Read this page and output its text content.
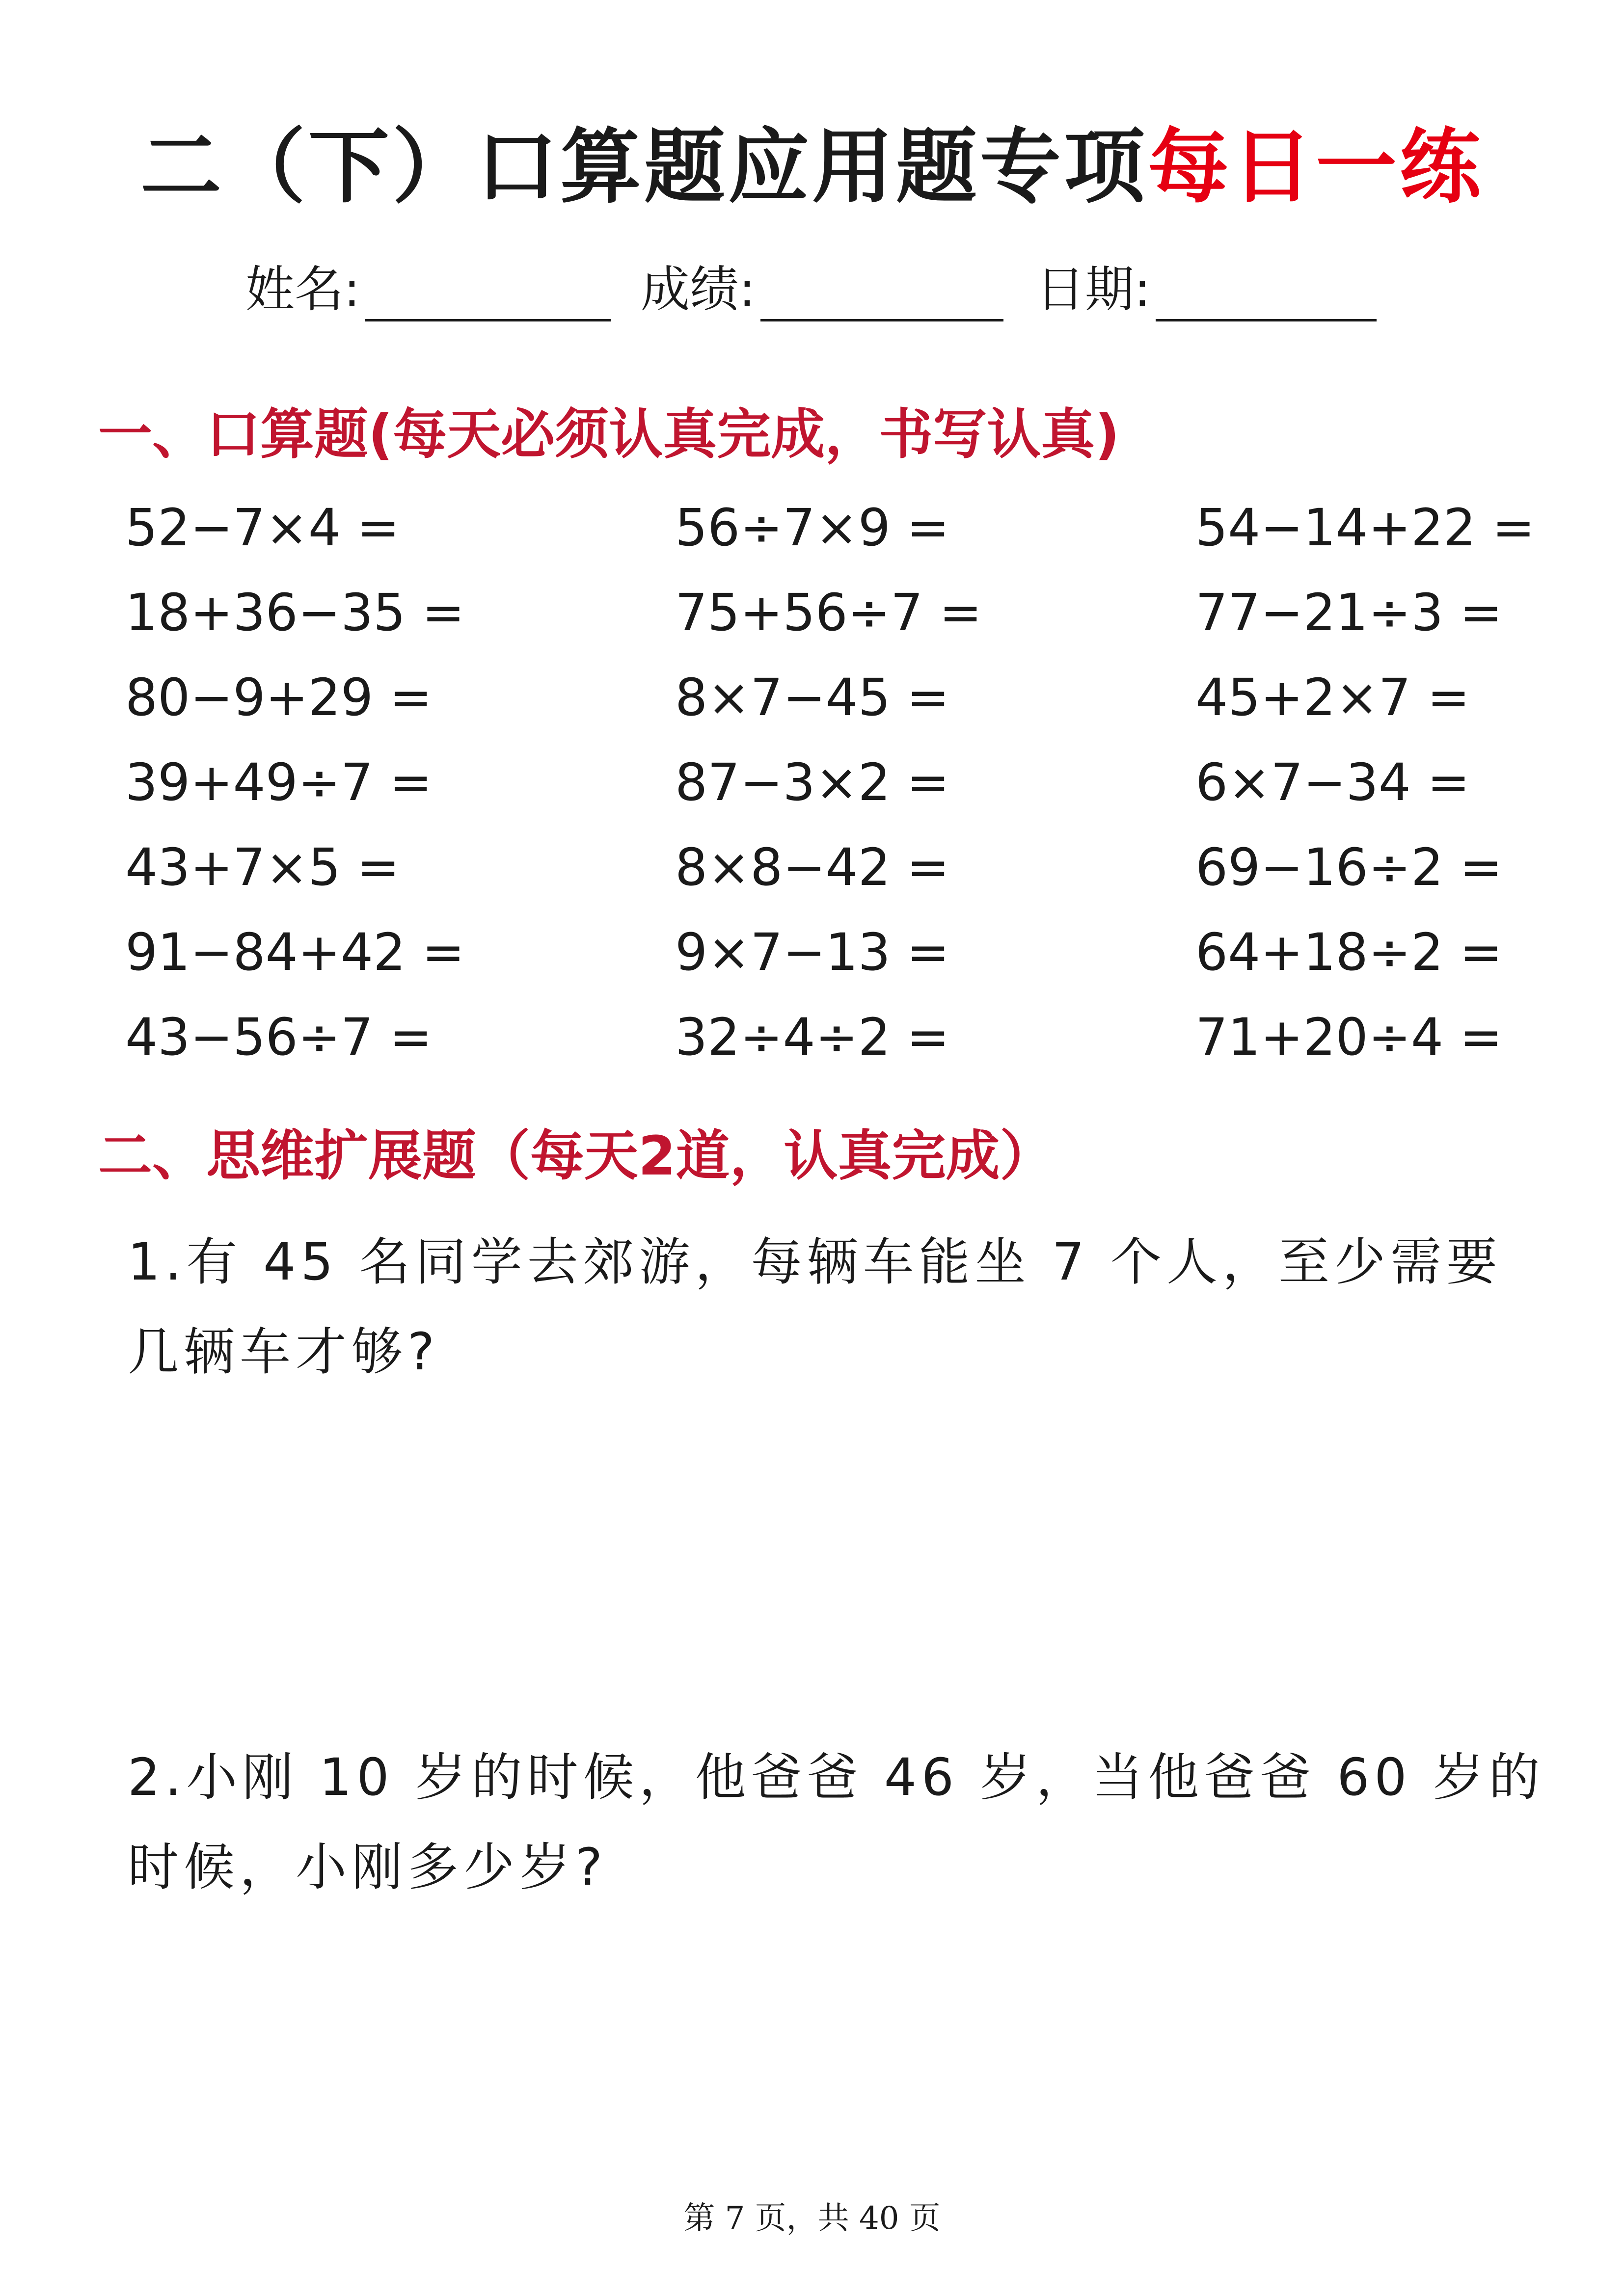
二（下）口算题应用题专项每日一练
姓名:	成绩:	日期:
一、口算题(每天必须认真完成，书写认真)
52−7×4 =	56÷7×9 =	54−14+22 =
18+36−35 =	75+56÷7 =	77−21÷3 =
80−9+29 =	8×7−45 =	45+2×7 =
39+49÷7 =	87−3×2 =	6×7−34 =
43+7×5 =	8×8−42 =	69−16÷2 =
91−84+42 =	9×7−13 =	64+18÷2 =
43−56÷7 =	32÷4÷2 =	71+20÷4 =
二、思维扩展题（每天2道，认真完成）
1.有 45 名同学去郊游，每辆车能坐 7 个人，至少需要几辆车才够?
2.小刚 10 岁的时候，他爸爸 46 岁，当他爸爸 60 岁的时候，小刚多少岁?
第 7 页，共 40 页
